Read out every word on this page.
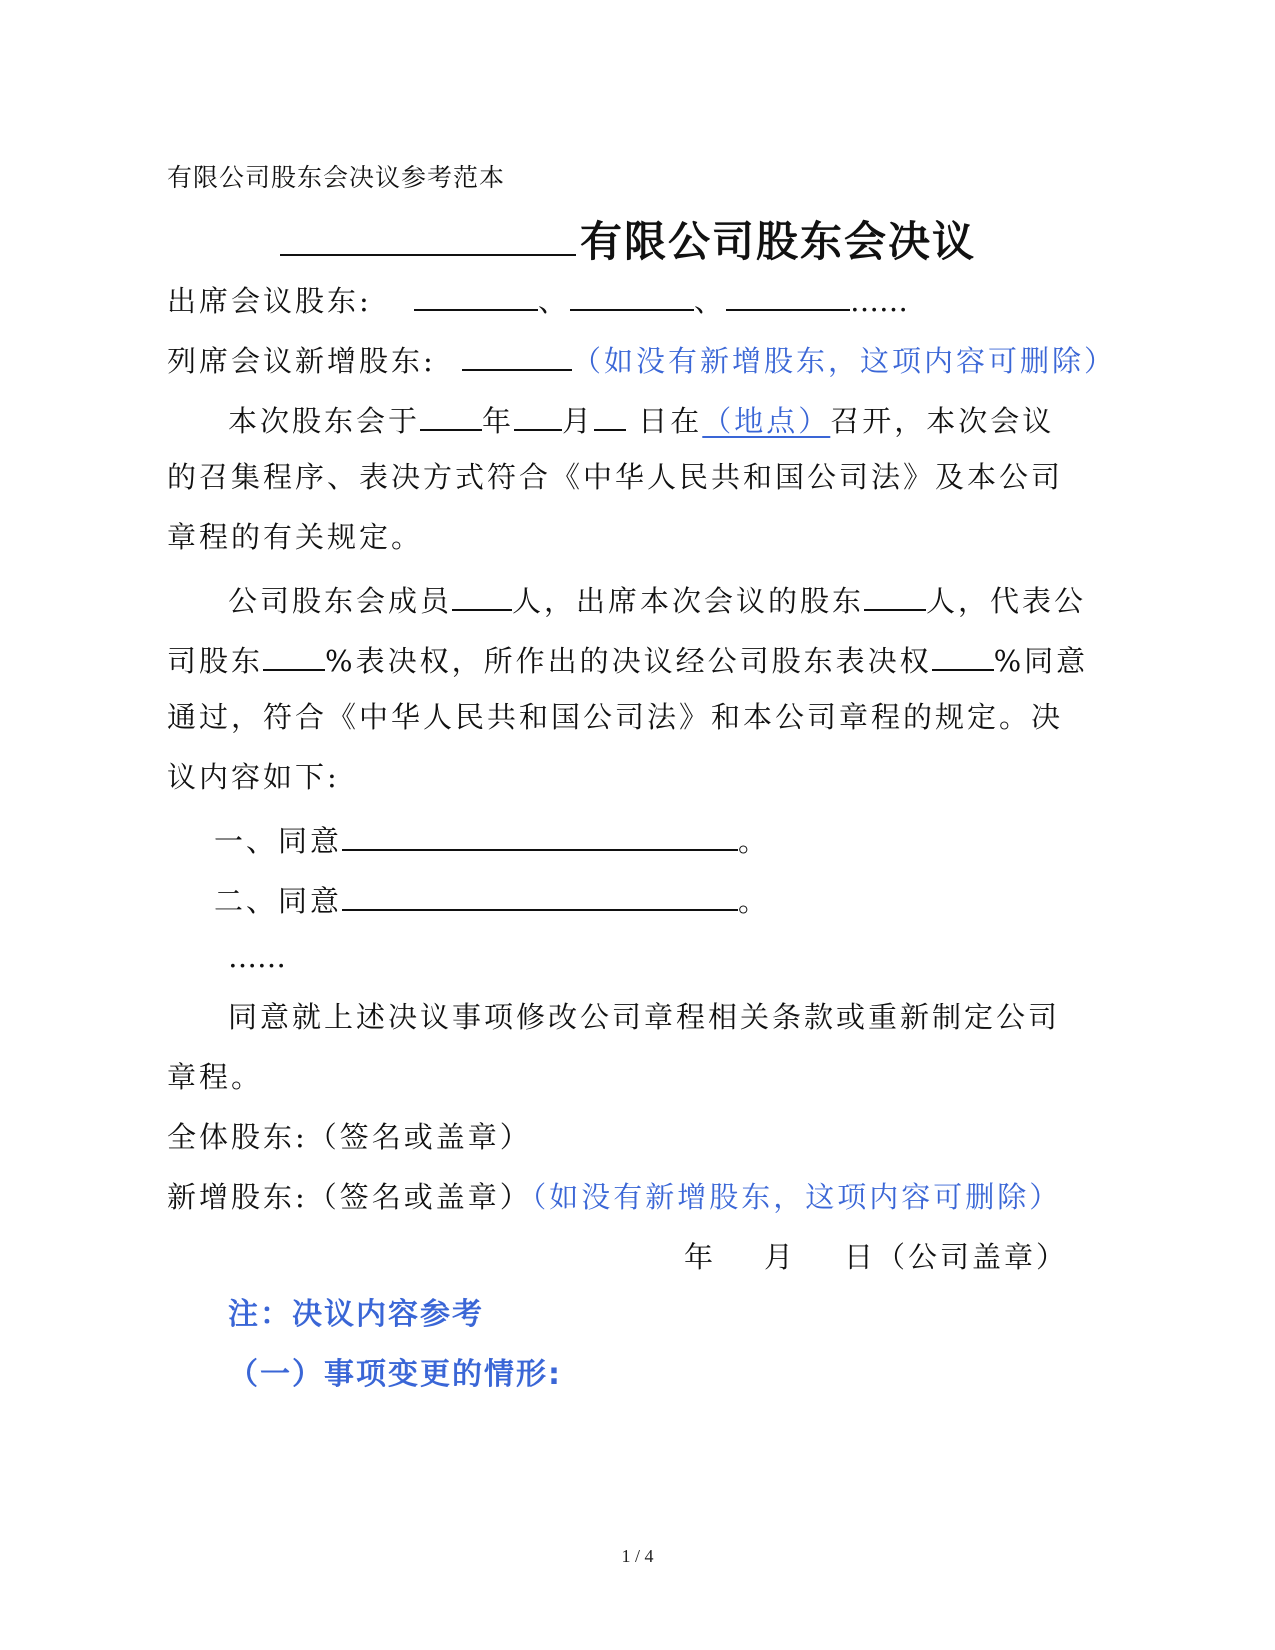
有限公司股东会决议参考范本
有限公司股东会决议
出席会议股东:	、	、	……
列席会议新增股东:	（如没有新增股东，这项内容可删除）
本次股东会于 年 月 日在（地点）召开，本次会议
的召集程序、表决方式符合《中华人民共和国公司法》及本公司
章程的有关规定。
公司股东会成员 人，出席本次会议的股东 人，代表公
司股东 %表决权，所作出的决议经公司股东表决权 %同意
通过，符合《中华人民共和国公司法》和本公司章程的规定。决
议内容如下:
一、同意	。
二、同意	。
……
同意就上述决议事项修改公司章程相关条款或重新制定公司
章程。
全体股东:（签名或盖章）
新增股东:（签名或盖章）（如没有新增股东，这项内容可删除）
年 月 日（公司盖章）
注：决议内容参考
（一）事项变更的情形:
1 / 4
